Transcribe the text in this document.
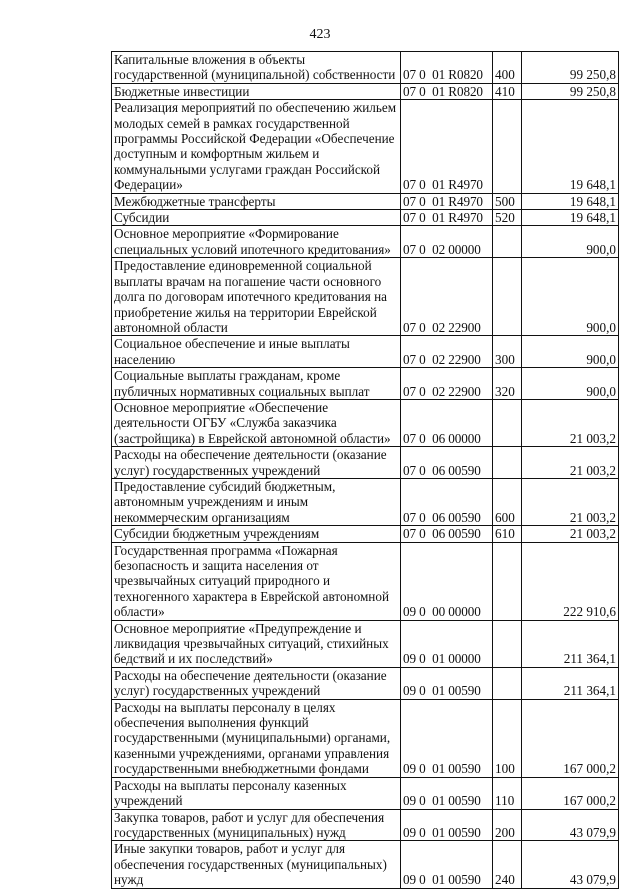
423
Капитальные вложения в объекты государственной (муниципальной) собственности	07 0  01 R0820	400	99 250,8
Бюджетные инвестиции	07 0  01 R0820	410	99 250,8
Реализация мероприятий по обеспечению жильем молодых семей в рамках государственной программы Российской Федерации «Обеспечение доступным и комфортным жильем и коммунальными услугами граждан Российской Федерации»	07 0  01 R4970		19 648,1
Межбюджетные трансферты	07 0  01 R4970	500	19 648,1
Субсидии	07 0  01 R4970	520	19 648,1
Основное мероприятие «Формирование специальных условий ипотечного кредитования»	07 0  02 00000		900,0
Предоставление единовременной социальной выплаты врачам на погашение части основного долга по договорам ипотечного кредитования на приобретение жилья на территории Еврейской автономной области	07 0  02 22900		900,0
Социальное обеспечение и иные выплаты населению	07 0  02 22900	300	900,0
Социальные выплаты гражданам, кроме публичных нормативных социальных выплат	07 0  02 22900	320	900,0
Основное мероприятие «Обеспечение деятельности ОГБУ «Служба заказчика (застройщика) в Еврейской автономной области»	07 0  06 00000		21 003,2
Расходы на обеспечение деятельности (оказание услуг) государственных учреждений	07 0  06 00590		21 003,2
Предоставление субсидий бюджетным, автономным учреждениям и иным некоммерческим организациям	07 0  06 00590	600	21 003,2
Субсидии бюджетным учреждениям	07 0  06 00590	610	21 003,2
Государственная программа «Пожарная безопасность и защита населения от чрезвычайных ситуаций природного и техногенного характера в Еврейской автономной области»	09 0  00 00000		222 910,6
Основное мероприятие «Предупреждение и ликвидация чрезвычайных ситуаций, стихийных бедствий и их последствий»	09 0  01 00000		211 364,1
Расходы на обеспечение деятельности (оказание услуг) государственных учреждений	09 0  01 00590		211 364,1
Расходы на выплаты персоналу в целях обеспечения выполнения функций государственными (муниципальными) органами, казенными учреждениями, органами управления государственными внебюджетными фондами	09 0  01 00590	100	167 000,2
Расходы на выплаты персоналу казенных учреждений	09 0  01 00590	110	167 000,2
Закупка товаров, работ и услуг для обеспечения государственных (муниципальных) нужд	09 0  01 00590	200	43 079,9
Иные закупки товаров, работ и услуг для обеспечения государственных (муниципальных) нужд	09 0  01 00590	240	43 079,9
